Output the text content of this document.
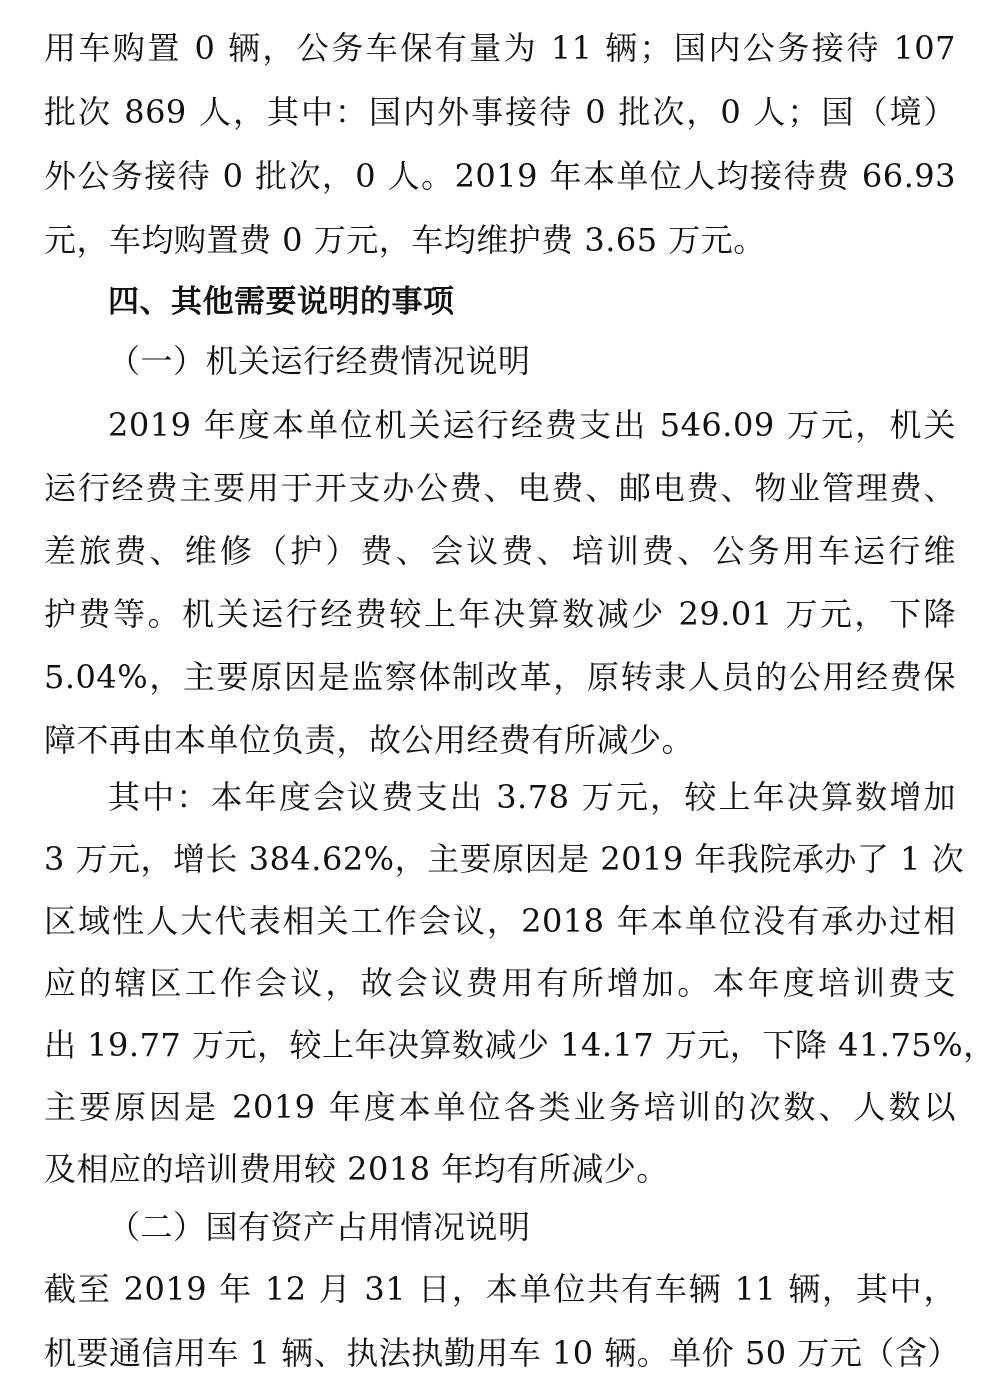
用车购置 0 辆，公务车保有量为 11 辆；国内公务接待 107
批次 869 人，其中：国内外事接待 0 批次，0 人；国（境）
外公务接待 0 批次，0 人。2019 年本单位人均接待费 66.93
元，车均购置费 0 万元，车均维护费 3.65 万元。
四、其他需要说明的事项
（一）机关运行经费情况说明
2019 年度本单位机关运行经费支出 546.09 万元，机关
运行经费主要用于开支办公费、电费、邮电费、物业管理费、
差旅费、维修（护）费、会议费、培训费、公务用车运行维
护费等。机关运行经费较上年决算数减少 29.01 万元，下降
5.04%，主要原因是监察体制改革，原转隶人员的公用经费保
障不再由本单位负责，故公用经费有所减少。
其中：本年度会议费支出 3.78 万元，较上年决算数增加
3 万元，增长 384.62%，主要原因是 2019 年我院承办了 1 次
区域性人大代表相关工作会议，2018 年本单位没有承办过相
应的辖区工作会议，故会议费用有所增加。本年度培训费支
出 19.77 万元，较上年决算数减少 14.17 万元，下降 41.75%，
主要原因是 2019 年度本单位各类业务培训的次数、人数以
及相应的培训费用较 2018 年均有所减少。
（二）国有资产占用情况说明
截至 2019 年 12 月 31 日，本单位共有车辆 11 辆，其中，
机要通信用车 1 辆、执法执勤用车 10 辆。单价 50 万元（含）
